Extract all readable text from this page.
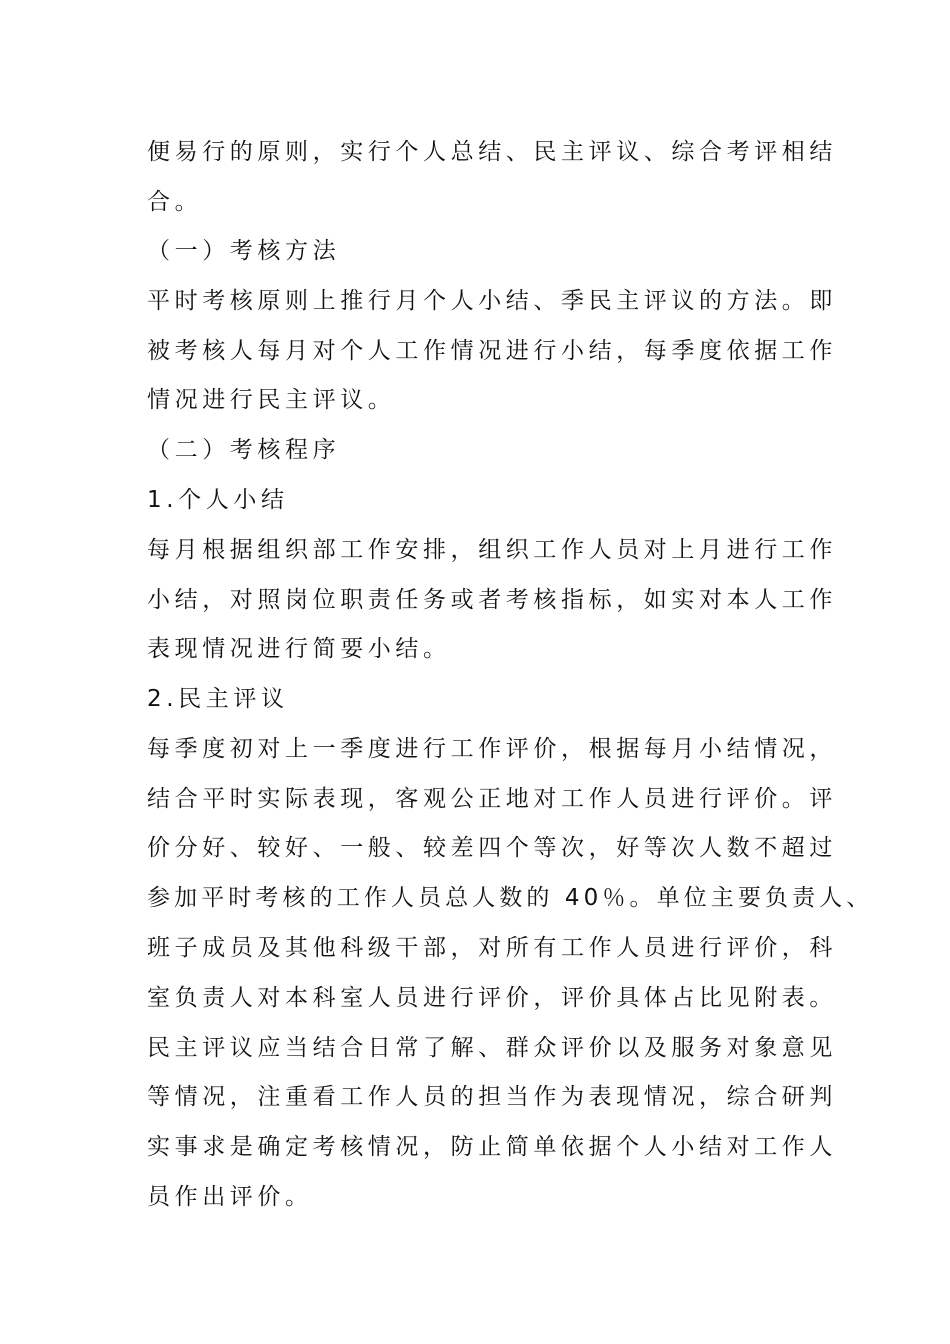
便易行的原则，实行个人总结、民主评议、综合考评相结
合。
（一）考核方法
平时考核原则上推行月个人小结、季民主评议的方法。即
被考核人每月对个人工作情况进行小结，每季度依据工作
情况进行民主评议。
（二）考核程序
1.个人小结
每月根据组织部工作安排，组织工作人员对上月进行工作
小结，对照岗位职责任务或者考核指标，如实对本人工作
表现情况进行简要小结。
2.民主评议
每季度初对上一季度进行工作评价，根据每月小结情况，
结合平时实际表现，客观公正地对工作人员进行评价。评
价分好、较好、一般、较差四个等次，好等次人数不超过
参加平时考核的工作人员总人数的 40％。单位主要负责人、
班子成员及其他科级干部，对所有工作人员进行评价，科
室负责人对本科室人员进行评价，评价具体占比见附表。
民主评议应当结合日常了解、群众评价以及服务对象意见
等情况，注重看工作人员的担当作为表现情况，综合研判
实事求是确定考核情况，防止简单依据个人小结对工作人
员作出评价。
